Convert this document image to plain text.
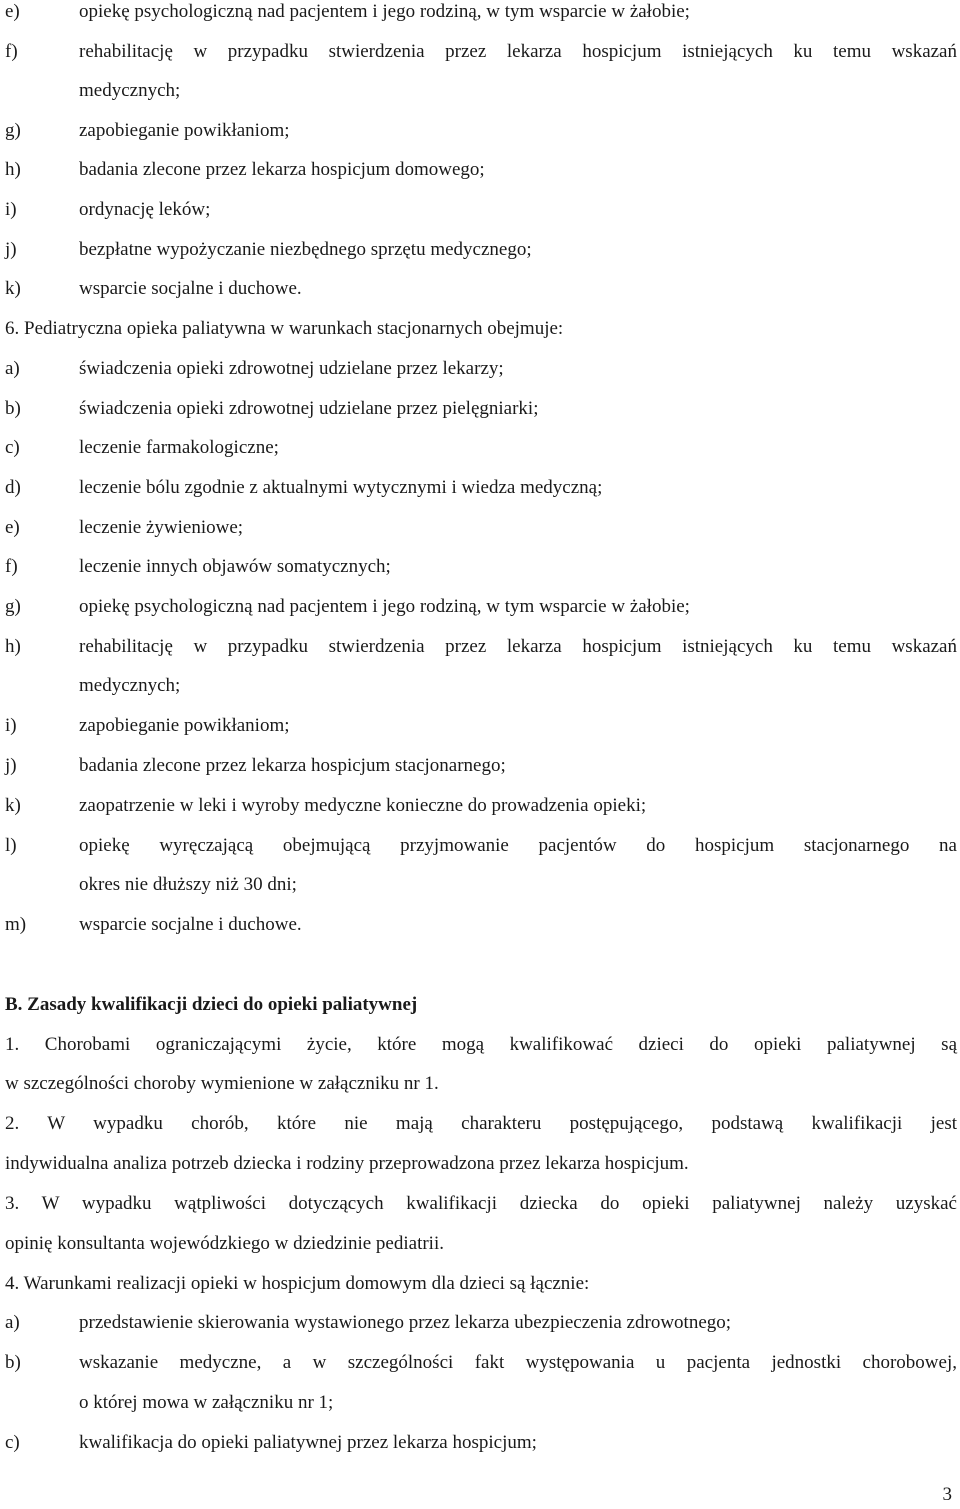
e)	opiekę psychologiczną nad pacjentem i jego rodziną, w tym wsparcie w żałobie;
f)	rehabilitację w przypadku stwierdzenia przez lekarza hospicjum istniejących ku temu wskazań
medycznych;
g)	zapobieganie powikłaniom;
h)	badania zlecone przez lekarza hospicjum domowego;
i)	ordynację leków;
j)	bezpłatne wypożyczanie niezbędnego sprzętu medycznego;
k)	wsparcie socjalne i duchowe.
6. Pediatryczna opieka paliatywna w warunkach stacjonarnych obejmuje:
a)	świadczenia opieki zdrowotnej udzielane przez lekarzy;
b)	świadczenia opieki zdrowotnej udzielane przez pielęgniarki;
c)	leczenie farmakologiczne;
d)	leczenie bólu zgodnie z aktualnymi wytycznymi i wiedza medyczną;
e)	leczenie żywieniowe;
f)	leczenie innych objawów somatycznych;
g)	opiekę psychologiczną nad pacjentem i jego rodziną, w tym wsparcie w żałobie;
h)	rehabilitację w przypadku stwierdzenia przez lekarza hospicjum istniejących ku temu wskazań
medycznych;
i)	zapobieganie powikłaniom;
j)	badania zlecone przez lekarza hospicjum stacjonarnego;
k)	zaopatrzenie w leki i wyroby medyczne konieczne do prowadzenia opieki;
l)	opiekę wyręczającą obejmującą przyjmowanie pacjentów do hospicjum stacjonarnego na
okres nie dłuższy niż 30 dni;
m)	wsparcie socjalne i duchowe.
B. Zasady kwalifikacji dzieci do opieki paliatywnej
1. Chorobami ograniczającymi życie, które mogą kwalifikować dzieci do opieki paliatywnej są
w szczególności choroby wymienione w załączniku nr 1.
2. W wypadku chorób, które nie mają charakteru postępującego, podstawą kwalifikacji jest
indywidualna analiza potrzeb dziecka i rodziny przeprowadzona przez lekarza hospicjum.
3. W wypadku wątpliwości dotyczących kwalifikacji dziecka do opieki paliatywnej należy uzyskać
opinię konsultanta wojewódzkiego w dziedzinie pediatrii.
4. Warunkami realizacji opieki w hospicjum domowym dla dzieci są łącznie:
a)	przedstawienie skierowania wystawionego przez lekarza ubezpieczenia zdrowotnego;
b)	wskazanie medyczne, a w szczególności fakt występowania u pacjenta jednostki chorobowej,
o której mowa w załączniku nr 1;
c)	kwalifikacja do opieki paliatywnej przez lekarza hospicjum;
3
